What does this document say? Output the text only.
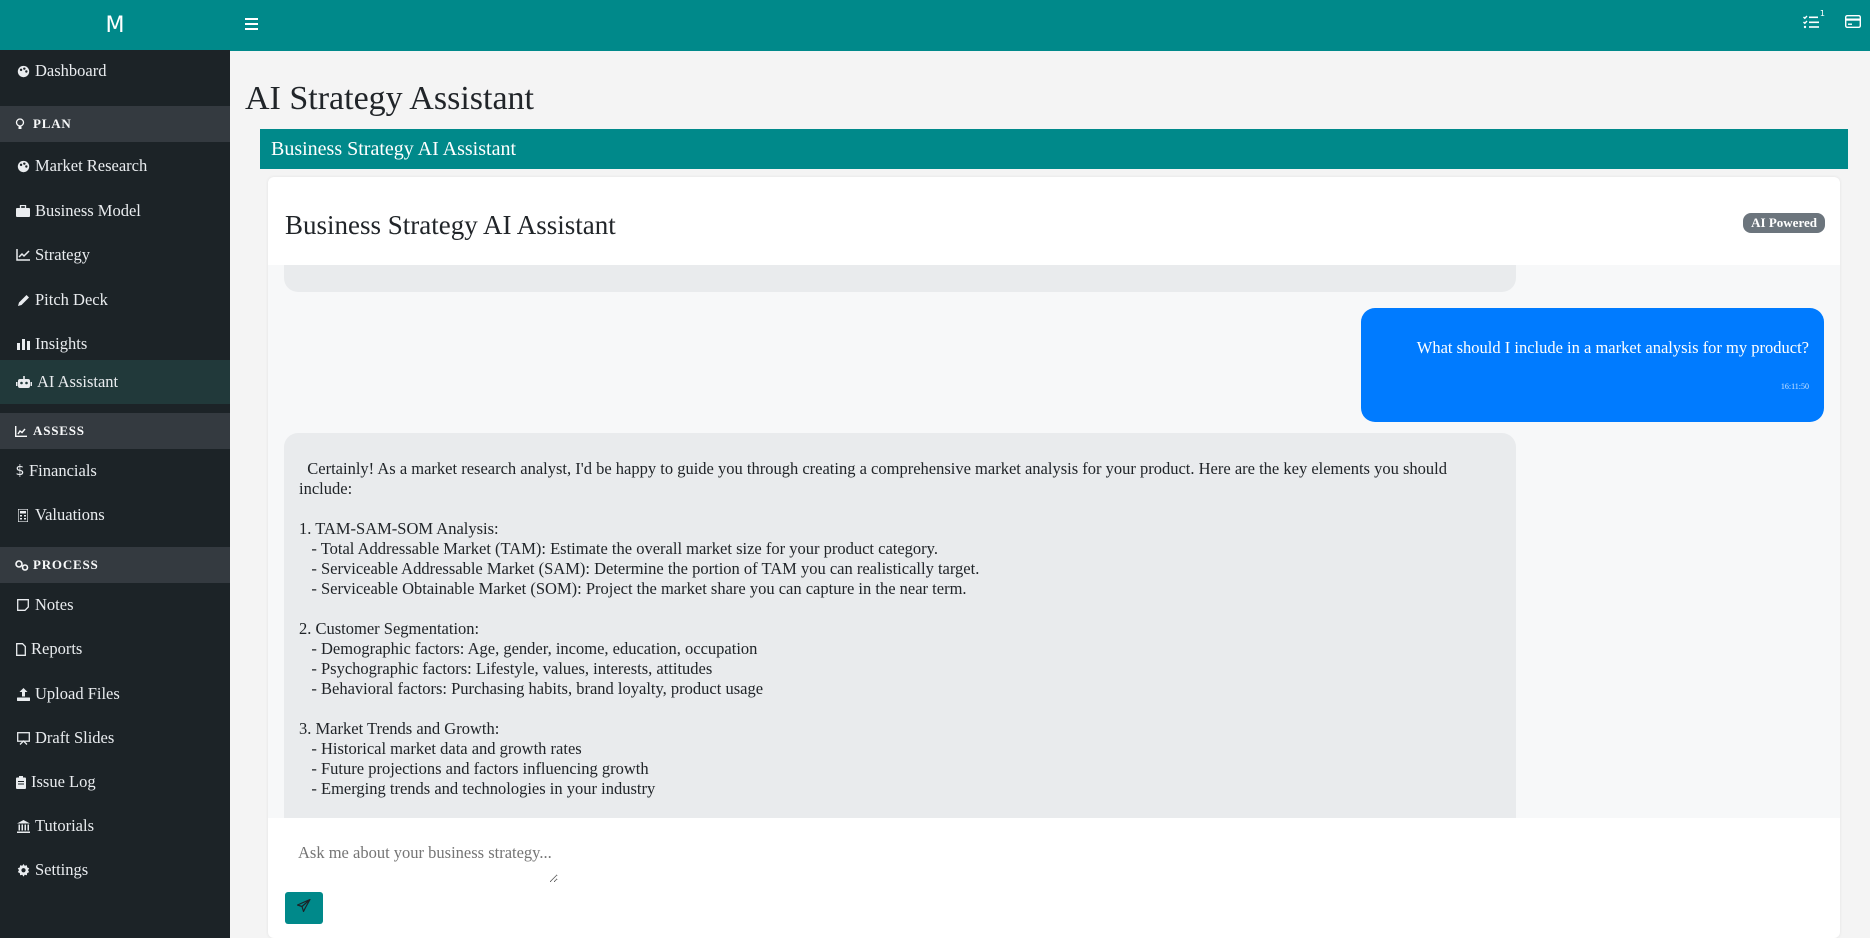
M
Dashboard
PLAN
Market Research
Business Model
Strategy
Pitch Deck
Insights
AI Assistant
ASSESS
$ Financials
Valuations
PROCESS
Notes
Reports
Upload Files
Draft Slides
Issue Log
Tutorials
Settings
1
AI Strategy Assistant
Business Strategy AI Assistant
Business Strategy AI Assistant	AI Powered
What should I include in a market analysis for my product?
16:11:50
Certainly! As a market research analyst, I'd be happy to guide you through creating a comprehensive market analysis for your product. Here are the key elements you should include:

1. TAM-SAM-SOM Analysis:
- Total Addressable Market (TAM): Estimate the overall market size for your product category.
- Serviceable Addressable Market (SAM): Determine the portion of TAM you can realistically target.
- Serviceable Obtainable Market (SOM): Project the market share you can capture in the near term.

2. Customer Segmentation:
- Demographic factors: Age, gender, income, education, occupation
- Psychographic factors: Lifestyle, values, interests, attitudes
- Behavioral factors: Purchasing habits, brand loyalty, product usage

3. Market Trends and Growth:
- Historical market data and growth rates
- Future projections and factors influencing growth
- Emerging trends and technologies in your industry
Ask me about your business strategy...
